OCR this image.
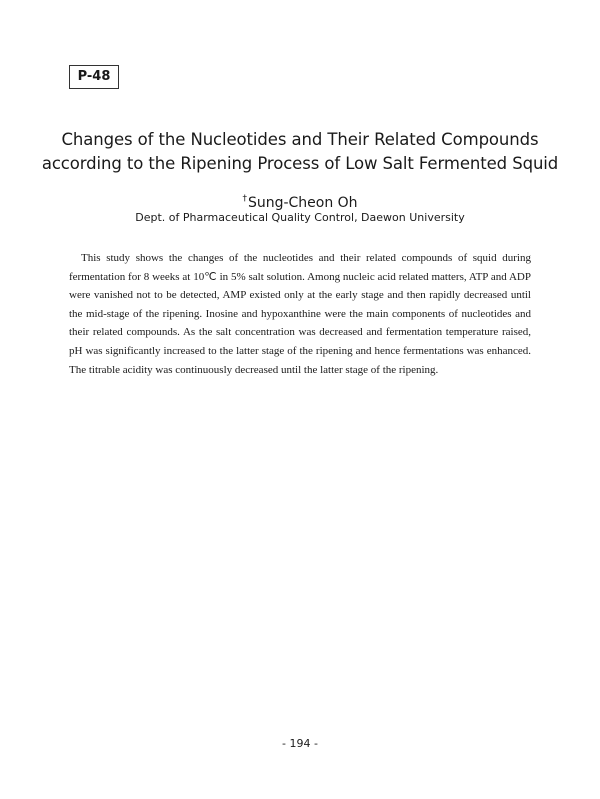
P-48
Changes of the Nucleotides and Their Related Compounds
according to the Ripening Process of Low Salt Fermented Squid
†Sung-Cheon Oh
Dept. of Pharmaceutical Quality Control, Daewon University

This study shows the changes of the nucleotides and their related compounds of squid during fermentation for 8 weeks at 10℃ in 5% salt solution. Among nucleic acid related matters, ATP and ADP were vanished not to be detected, AMP existed only at the early stage and then rapidly decreased until the mid-stage of the ripening. Inosine and hypoxanthine were the main components of nucleotides and their related compounds. As the salt concentration was decreased and fermentation temperature raised, pH was significantly increased to the latter stage of the ripening and hence fermentations was enhanced. The titrable acidity was continuously decreased until the latter stage of the ripening.

- 194 -
